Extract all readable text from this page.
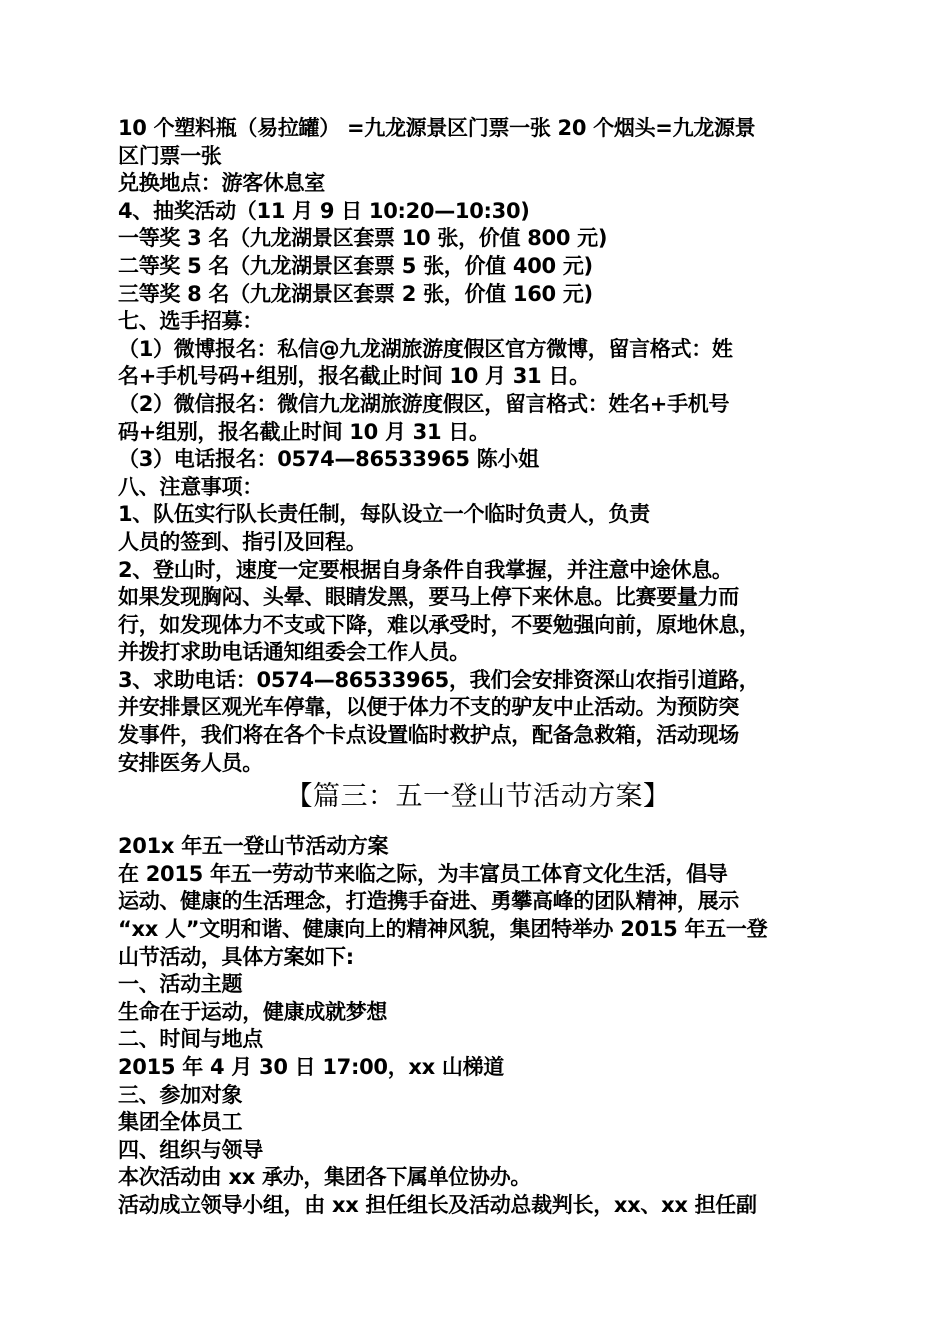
10 个塑料瓶（易拉罐） =九龙源景区门票一张 20 个烟头=九龙源景
区门票一张
兑换地点：游客休息室
4、抽奖活动（11 月 9 日 10:20—10:30)
一等奖 3 名（九龙湖景区套票 10 张，价值 800 元)
二等奖 5 名（九龙湖景区套票 5 张，价值 400 元)
三等奖 8 名（九龙湖景区套票 2 张，价值 160 元)
七、选手招募：
（1）微博报名：私信@九龙湖旅游度假区官方微博，留言格式：姓
名+手机号码+组别，报名截止时间 10 月 31 日。
（2）微信报名：微信九龙湖旅游度假区，留言格式：姓名+手机号
码+组别，报名截止时间 10 月 31 日。
（3）电话报名：0574—86533965 陈小姐
八、注意事项：
1、队伍实行队长责任制，每队设立一个临时负责人，负责
人员的签到、指引及回程。
2、登山时，速度一定要根据自身条件自我掌握，并注意中途休息。
如果发现胸闷、头晕、眼睛发黑，要马上停下来休息。比赛要量力而
行，如发现体力不支或下降，难以承受时，不要勉强向前，原地休息，
并拨打求助电话通知组委会工作人员。
3、求助电话：0574—86533965，我们会安排资深山农指引道路，
并安排景区观光车停靠，以便于体力不支的驴友中止活动。为预防突
发事件，我们将在各个卡点设置临时救护点，配备急救箱，活动现场
安排医务人员。
【篇三：五一登山节活动方案】
201x 年五一登山节活动方案
在 2015 年五一劳动节来临之际，为丰富员工体育文化生活，倡导
运动、健康的生活理念，打造携手奋进、勇攀高峰的团队精神，展示
“xx 人”文明和谐、健康向上的精神风貌，集团特举办 2015 年五一登
山节活动，具体方案如下:
一、活动主题
生命在于运动，健康成就梦想
二、时间与地点
2015 年 4 月 30 日 17:00，xx 山梯道
三、参加对象
集团全体员工
四、组织与领导
本次活动由 xx 承办，集团各下属单位协办。
活动成立领导小组，由 xx 担任组长及活动总裁判长，xx、xx 担任副
